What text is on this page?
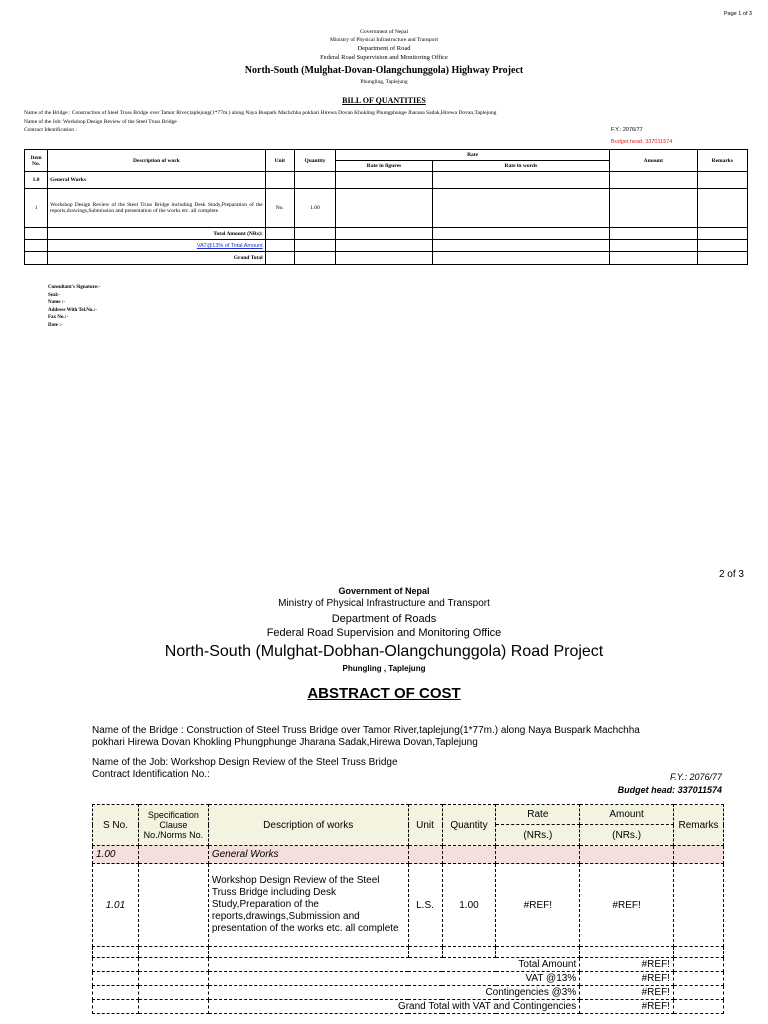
Page 1 of 3
Government of Nepal
Ministry of Physical Infrastructure and Transport
Department of Road
Federal Road Supervision and Monitoring Office
North-South (Mulghat-Dovan-Olangchunggola) Highway Project
Phungling, Taplejung
BILL OF QUANTITIES
Name of the Bridge : Construction of Steel Truss Bridge over Tamor River,taplejung(1*77m.) along Naya Buspark Machchha pokhari Hirewa Dovan Khokling Phungphunge Jharana Sadak,Hirewa Dovan,Taplejung
Name of the Job: Workshop Design Review of the Steel Truss Bridge
Contract Identification :	F.Y.: 2076/77
Budget head: 337011574
Item No.	Description of work	Unit	Quantity	Rate		Amount	Remarks
				Rate in figures	Rate in words		
1.0	General Works						
1	Workshop Design Review of the Steel Truss Bridge including Desk Study,Preparation of the reports,drawings,Submission and presentation of the works etc. all complete	No.	1.00				
	Total Amount (NRs):						
	VAT@13% of Total Amount						
	Grand Total						
Consultant's Signature:-
Seal:-
Name :-
Address With Tel.No.:-
Fax No.:-
Date :-
2 of 3
Government of Nepal
Ministry of Physical Infrastructure and Transport
Department of Roads
Federal Road Supervision and Monitoring Office
North-South (Mulghat-Dobhan-Olangchunggola) Road Project
Phungling , Taplejung
ABSTRACT OF COST
Name of the Bridge : Construction of Steel Truss Bridge over Tamor River,taplejung(1*77m.) along Naya Buspark Machchha
pokhari Hirewa Dovan Khokling Phungphunge Jharana Sadak,Hirewa Dovan,Taplejung
Name of the Job: Workshop Design Review of the Steel Truss Bridge
Contract Identification No.:	F.Y.: 2076/77
Budget head: 337011574
S No.	Specification Clause No./Norms No.	Description of works	Unit	Quantity	Rate	Amount	Remarks
					(NRs.)	(NRs.)	
1.00		General Works					
1.01		Workshop Design Review of the Steel Truss Bridge including Desk Study,Preparation of the reports,drawings,Submission and presentation of the works etc. all complete	L.S.	1.00	#REF!	#REF!	

		Total Amount				#REF!	
		VAT @13%				#REF!	
		Contingencies @3%				#REF!	
		Grand Total with VAT and Contingencies				#REF!	
